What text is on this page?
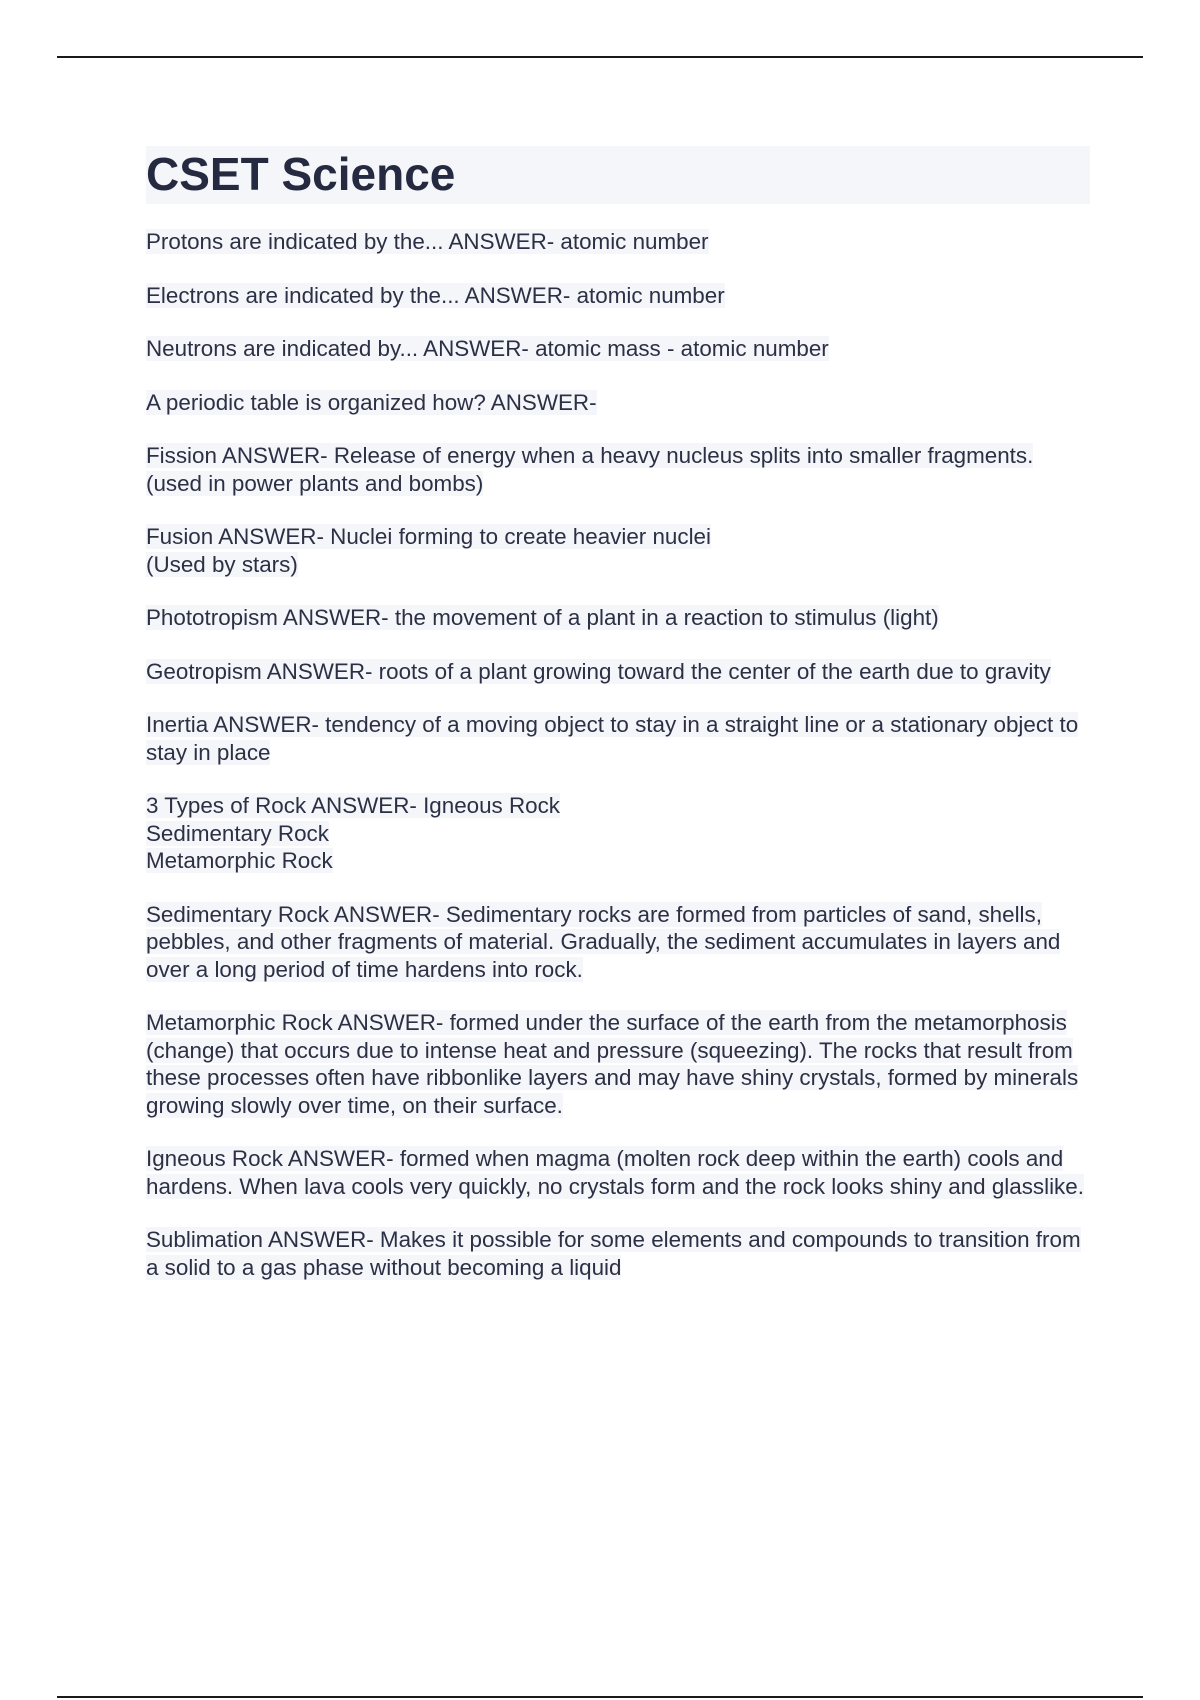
CSET Science

Protons are indicated by the... ANSWER- atomic number

Electrons are indicated by the... ANSWER- atomic number

Neutrons are indicated by... ANSWER- atomic mass - atomic number

A periodic table is organized how? ANSWER-

Fission ANSWER- Release of energy when a heavy nucleus splits into smaller fragments.

(used in power plants and bombs)

Fusion ANSWER- Nuclei forming to create heavier nuclei

(Used by stars)

Phototropism ANSWER- the movement of a plant in a reaction to stimulus (light)

Geotropism ANSWER- roots of a plant growing toward the center of the earth due to gravity

Inertia ANSWER- tendency of a moving object to stay in a straight line or a stationary object to stay in place

3 Types of Rock ANSWER- Igneous Rock

Sedimentary Rock

Metamorphic Rock

Sedimentary Rock ANSWER- Sedimentary rocks are formed from particles of sand, shells, pebbles, and other fragments of material. Gradually, the sediment accumulates in layers and over a long period of time hardens into rock.

Metamorphic Rock ANSWER- formed under the surface of the earth from the metamorphosis (change) that occurs due to intense heat and pressure (squeezing). The rocks that result from these processes often have ribbonlike layers and may have shiny crystals, formed by minerals growing slowly over time, on their surface.

Igneous Rock ANSWER- formed when magma (molten rock deep within the earth) cools and hardens. When lava cools very quickly, no crystals form and the rock looks shiny and glasslike.

Sublimation ANSWER- Makes it possible for some elements and compounds to transition from a solid to a gas phase without becoming a liquid
